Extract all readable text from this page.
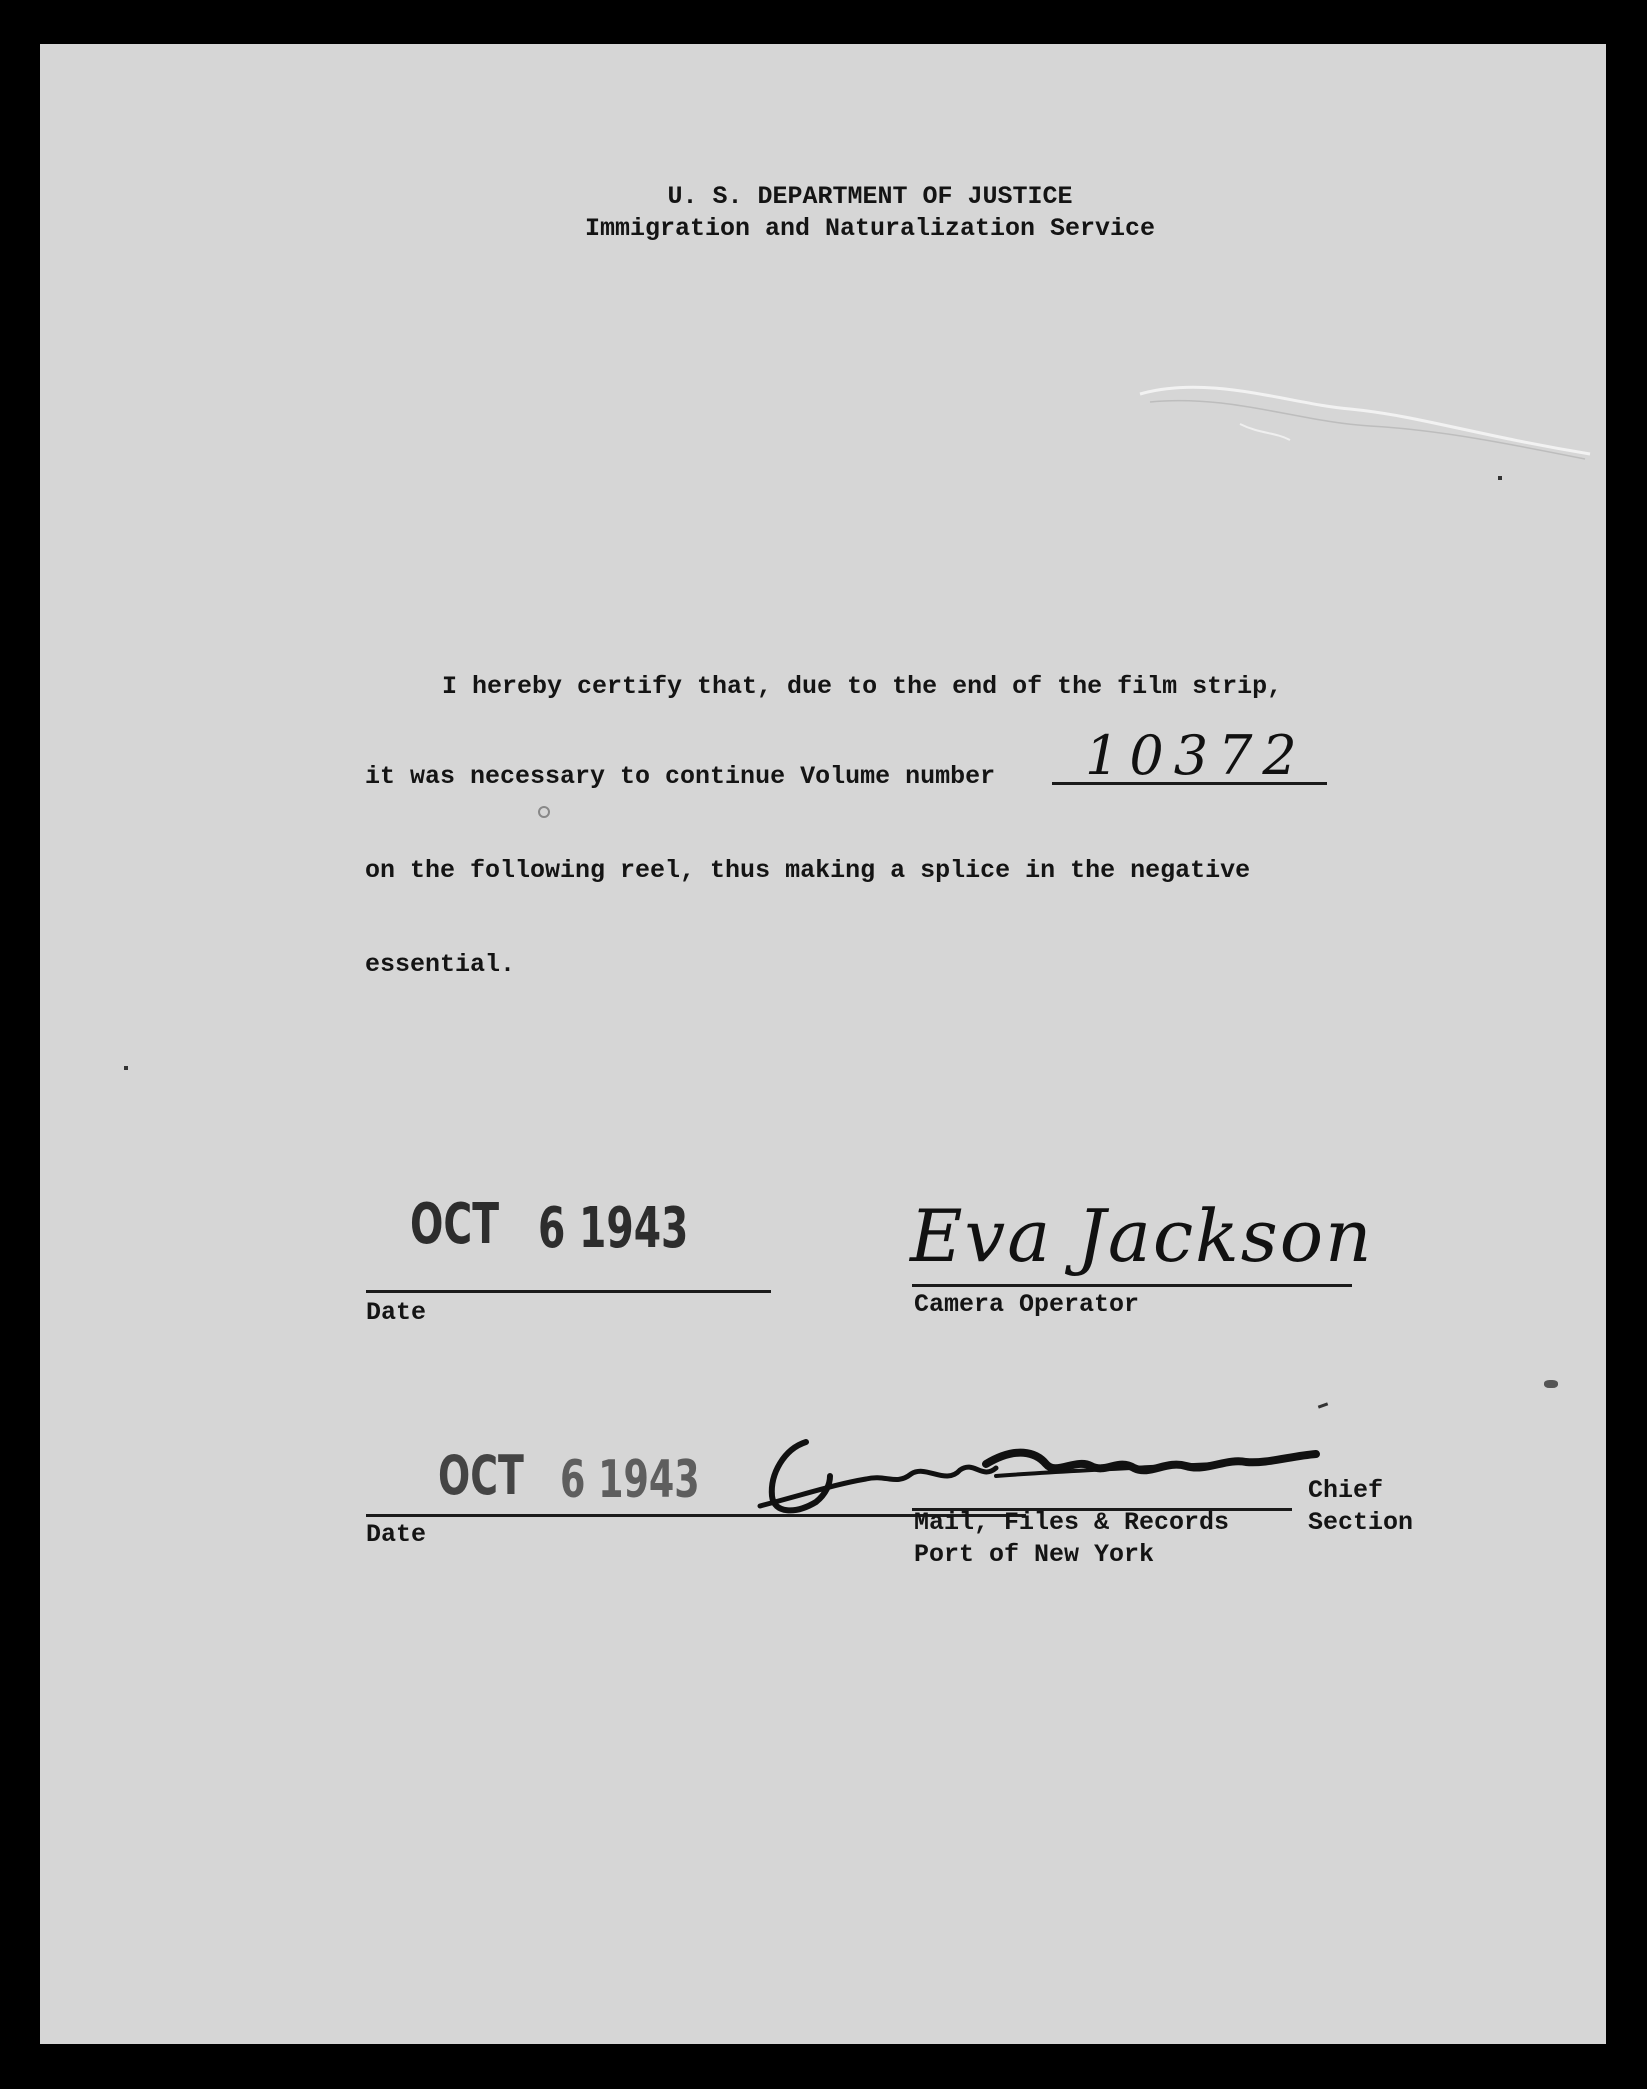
U. S. DEPARTMENT OF JUSTICE
Immigration and Naturalization Service
I hereby certify that, due to the end of the film strip,
it was necessary to continue Volume number 10372
on the following reel, thus making a splice in the negative
essential.
OCT 6 1943
Date
Eva Jackson
Camera Operator
OCT 6 1943
Date
Chief
Mail, Files & Records	Section
Port of New York
